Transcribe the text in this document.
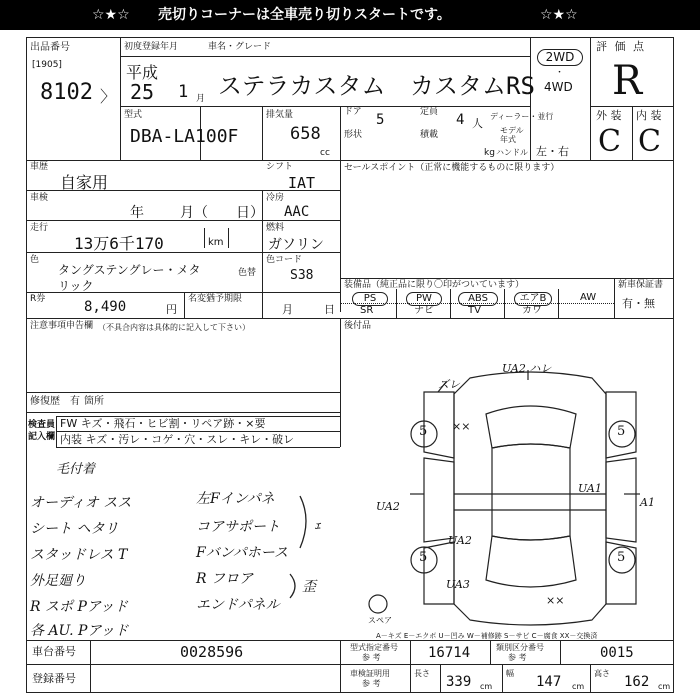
☆★☆ 売切りコーナーは全車売り切りスタートです。	☆★☆
出品番号
[1905]
8102 〉
初度登録年月	車名・グレード
平成
25 1 月 ステラカスタム カスタムRS
2WD
・
4WD
評 価 点
R
外 装 内 装
C C
型式
DBA-LA100F
排気量
658
cc
ドア 5	定員 4 人
形状	積載
kg
ディーラー・並行
モデル
年式
ハンドル 左・右
車歴
自家用
シフト
IAT
車検
年	月（ 日）
冷房
AAC
走行
13万6千170	km
燃料
ガソリン
色
タングステングレー・メタ
リック
色替
色コード
S38
R券	8,490	円
名変猶予期限
月	日
セールスポイント（正常に機能するものに限ります）
装備品（純正品に限り〇印がついています）	新車保証書
有・無
PS	PW	ABS	エアB	AW
SR	ナビ	TV	カワ
後付品
注意事項申告欄 （不具合内容は具体的に記入して下さい）
修復歴 有 箇所
検査員
記入欄
FW キズ・飛石・ヒビ割・リペア跡・×要
内装 キズ・汚レ・コゲ・穴・スレ・キレ・破レ
毛付着
オーディオ スス
シート ヘタリ
スタッドレス T
外足廻り
R スポ Pアッド
各 AU. Pアッド
左Fインパネ
コアサポート
Fバンパホース
R フロア
エンドパネル
ｪ
歪
ズレ
UA2 ハレ
××
5	5
5	5
UA1
UA2
UA2
A1
UA3
××
スペア
A－キズ E－エクボ U－凹み W－補修跡 S－サビ C－腐食 XX－交換済
車台番号	0028596
登録番号
型式指定番号
参 考	16714	類別区分番号
参 考	0015
車検証明用
参 考
長さ
339 cm
幅
147 cm
高さ
162 cm
